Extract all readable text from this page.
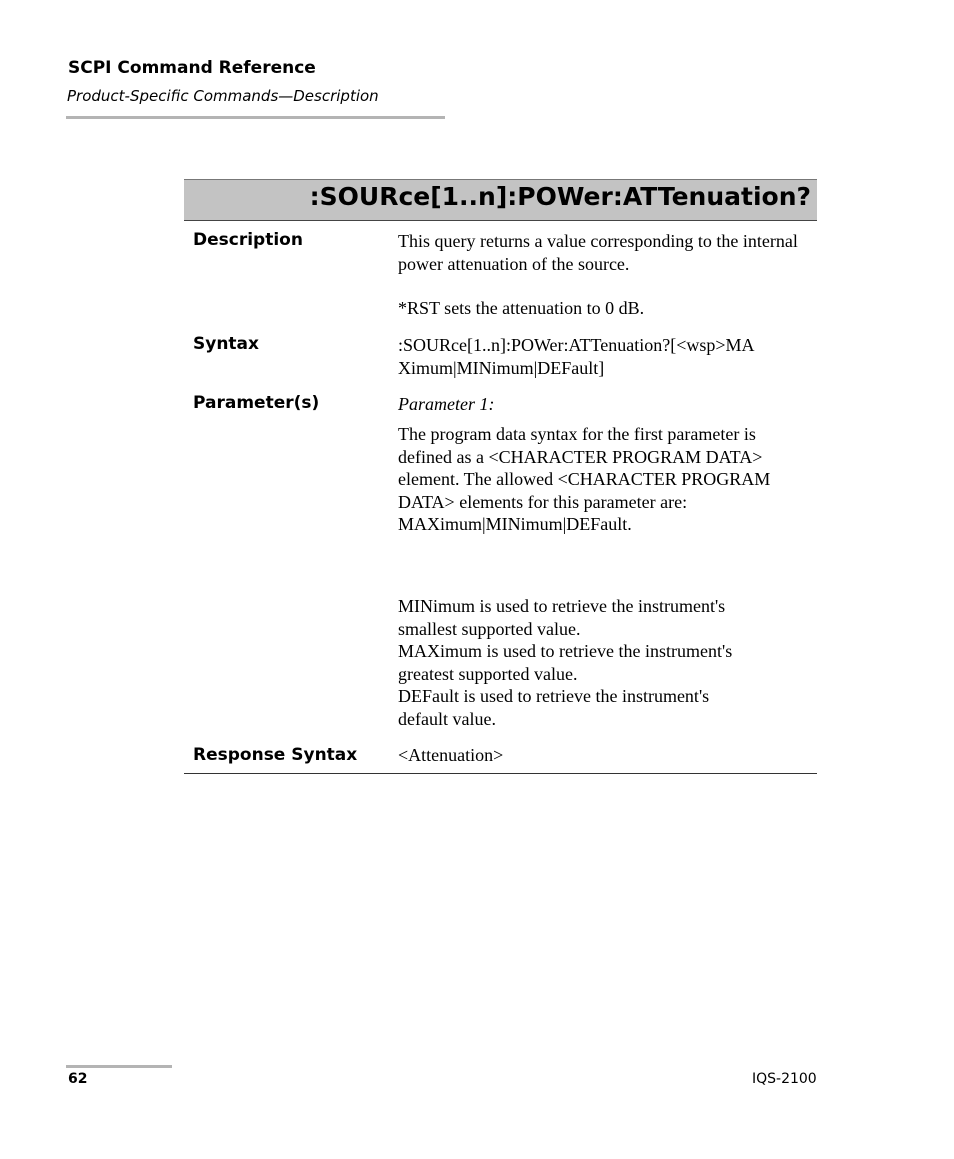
SCPI Command Reference
Product-Specific Commands—Description
:SOURce[1..n]:POWer:ATTenuation?
Description	This query returns a value corresponding to the internal power attenuation of the source.
*RST sets the attenuation to 0 dB.
Syntax	:SOURce[1..n]:POWer:ATTenuation?[<wsp>MA
Ximum|MINimum|DEFault]
Parameter(s)	Parameter 1:
The program data syntax for the first parameter is
defined as a <CHARACTER PROGRAM DATA>
element. The allowed <CHARACTER PROGRAM
DATA> elements for this parameter are:
MAXimum|MINimum|DEFault.
MINimum is used to retrieve the instrument's
smallest supported value.
MAXimum is used to retrieve the instrument's
greatest supported value.
DEFault is used to retrieve the instrument's
default value.
Response Syntax <Attenuation>
62	IQS-2100
